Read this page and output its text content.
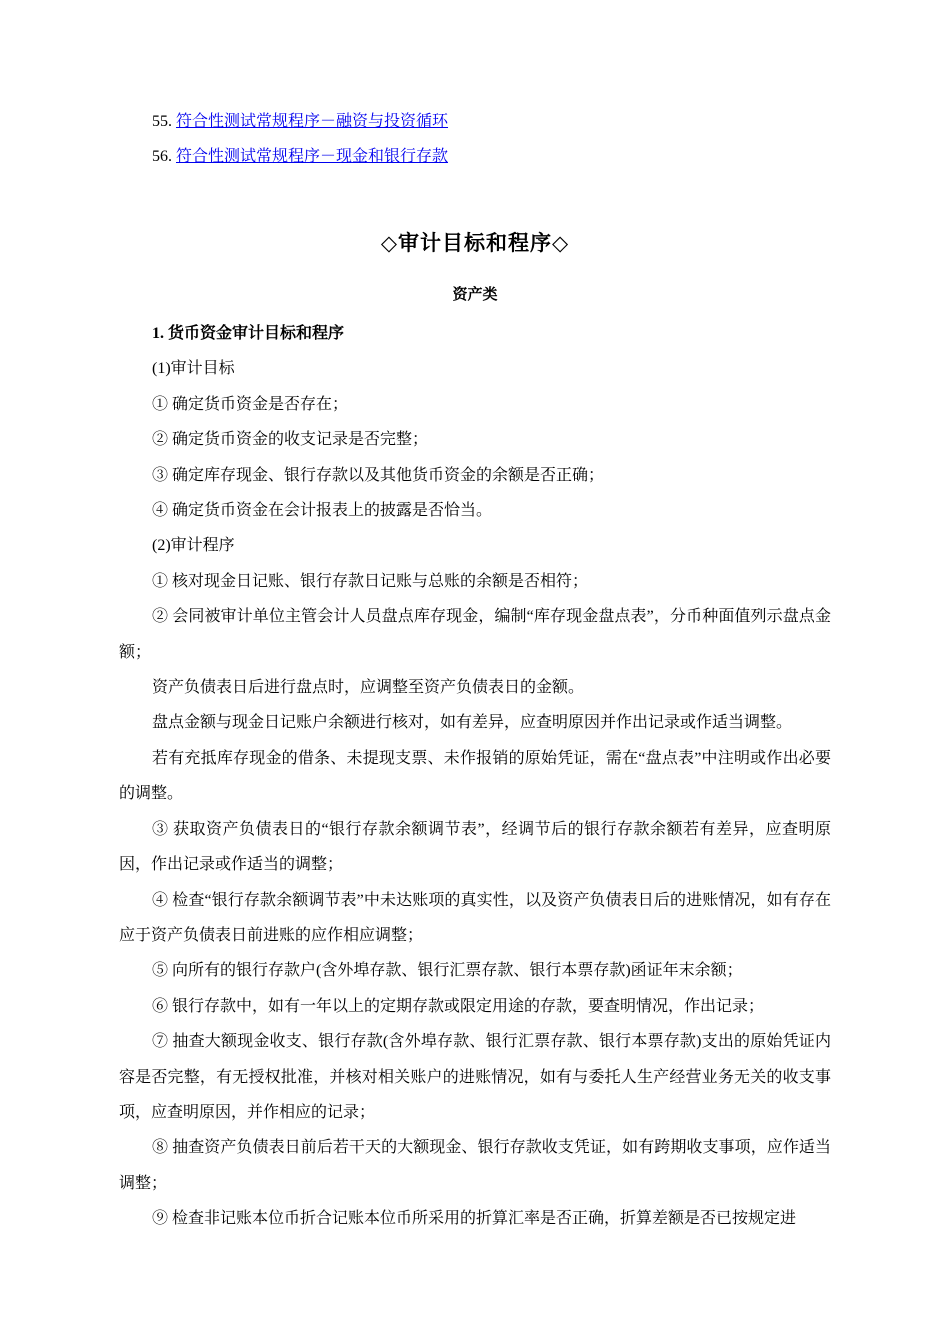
55. 符合性测试常规程序－融资与投资循环
56. 符合性测试常规程序－现金和银行存款
◇审计目标和程序◇
资产类

1. 货币资金审计目标和程序

(1)审计目标

① 确定货币资金是否存在；

② 确定货币资金的收支记录是否完整；

③ 确定库存现金、银行存款以及其他货币资金的余额是否正确；

④ 确定货币资金在会计报表上的披露是否恰当。

(2)审计程序

① 核对现金日记账、银行存款日记账与总账的余额是否相符；

② 会同被审计单位主管会计人员盘点库存现金，编制“库存现金盘点表”，分币种面值列示盘点金额；

资产负债表日后进行盘点时，应调整至资产负债表日的金额。

盘点金额与现金日记账户余额进行核对，如有差异，应查明原因并作出记录或作适当调整。

若有充抵库存现金的借条、未提现支票、未作报销的原始凭证，需在“盘点表”中注明或作出必要的调整。

③ 获取资产负债表日的“银行存款余额调节表”，经调节后的银行存款余额若有差异，应查明原因，作出记录或作适当的调整；

④ 检查“银行存款余额调节表”中未达账项的真实性，以及资产负债表日后的进账情况，如有存在应于资产负债表日前进账的应作相应调整；

⑤ 向所有的银行存款户(含外埠存款、银行汇票存款、银行本票存款)函证年末余额；

⑥ 银行存款中，如有一年以上的定期存款或限定用途的存款，要查明情况，作出记录；

⑦ 抽查大额现金收支、银行存款(含外埠存款、银行汇票存款、银行本票存款)支出的原始凭证内容是否完整，有无授权批准，并核对相关账户的进账情况，如有与委托人生产经营业务无关的收支事项，应查明原因，并作相应的记录；

⑧ 抽查资产负债表日前后若干天的大额现金、银行存款收支凭证，如有跨期收支事项，应作适当调整；

⑨ 检查非记账本位币折合记账本位币所采用的折算汇率是否正确，折算差额是否已按规定进
